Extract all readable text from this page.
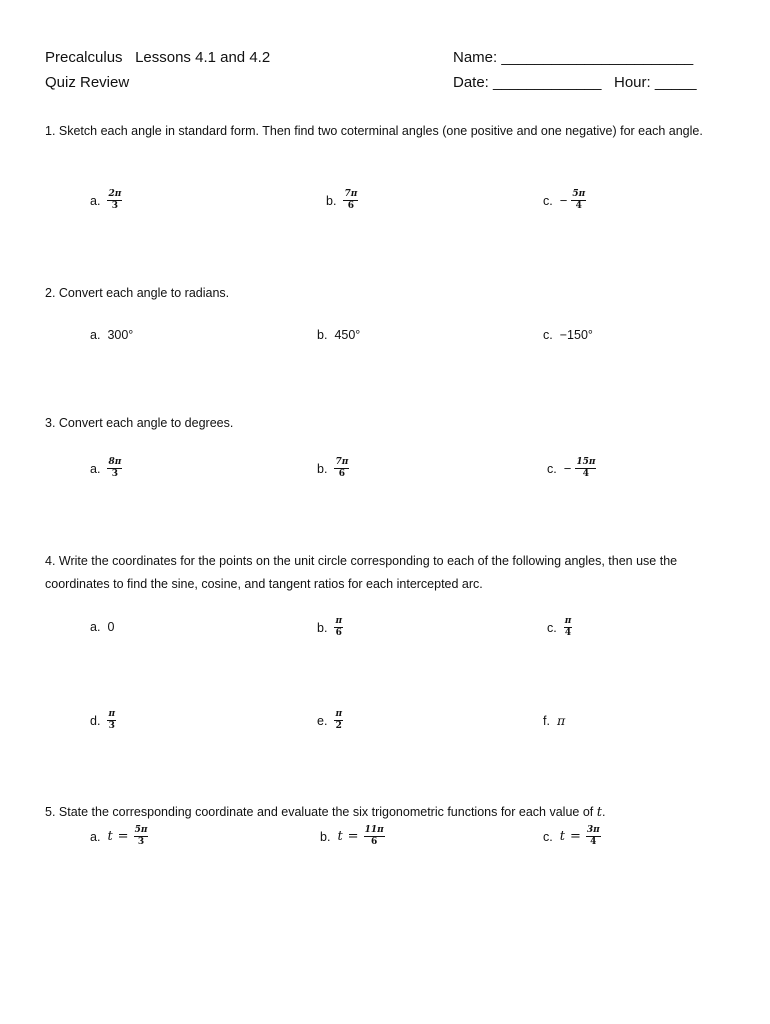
Precalculus Lessons 4.1 and 4.2
Quiz Review
Name: _______________________
Date: _____________ Hour: _____
1. Sketch each angle in standard form. Then find two coterminal angles (one positive and one negative) for each angle.
a. $\frac{2\pi}{3}$	b. $\frac{7\pi}{6}$	c. − $\frac{5\pi}{4}$
2. Convert each angle to radians.
a. 300°	b. 450°	c. −150°
3. Convert each angle to degrees.
a. $\frac{8\pi}{3}$	b. $\frac{7\pi}{6}$	c. − $\frac{15\pi}{4}$
4. Write the coordinates for the points on the unit circle corresponding to each of the following angles, then use the coordinates to find the sine, cosine, and tangent ratios for each intercepted arc.
a. 0	b. $\frac{\pi}{6}$	c. $\frac{\pi}{4}$
d. $\frac{\pi}{3}$	e. $\frac{\pi}{2}$	f. π
5. State the corresponding coordinate and evaluate the six trigonometric functions for each value of t.
a. $t = \frac{5\pi}{3}$	b. $t = \frac{11\pi}{6}$	c. $t = \frac{3\pi}{4}$
